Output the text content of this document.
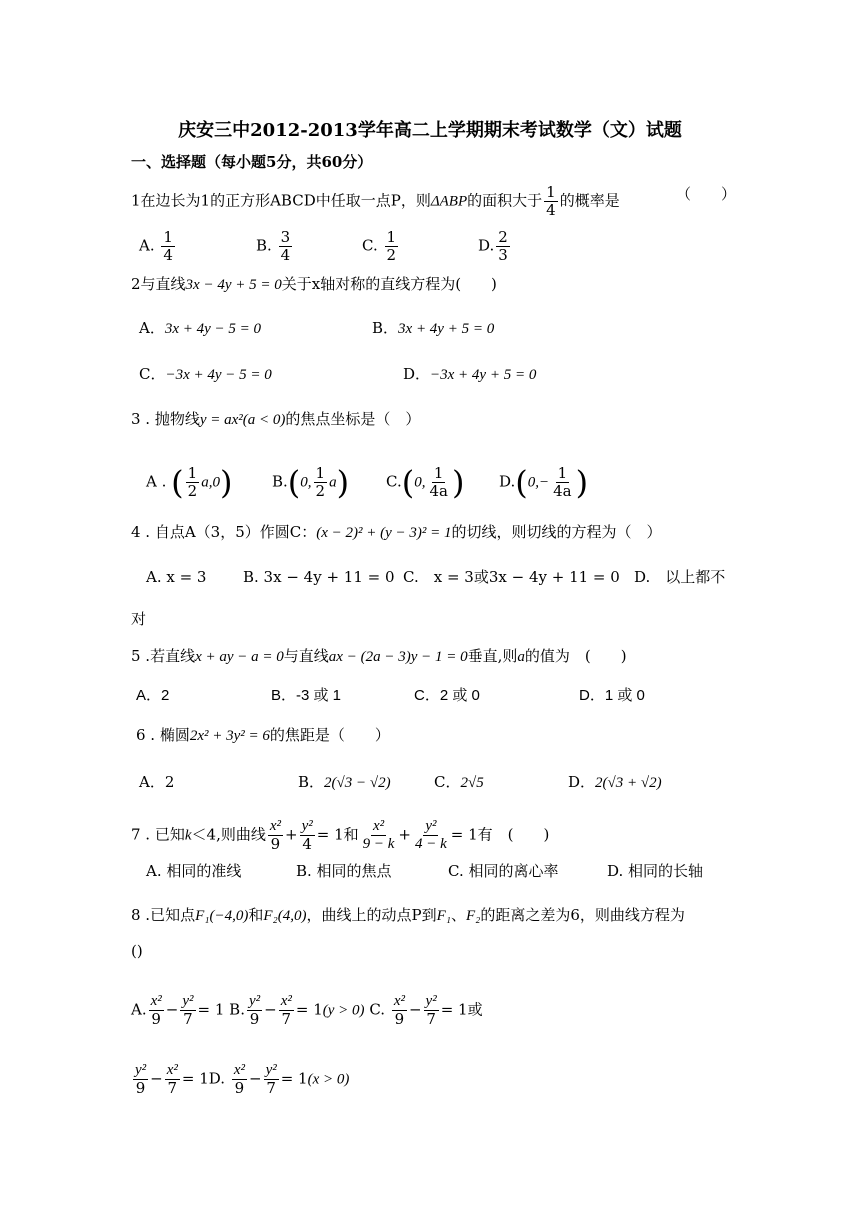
庆安三中2012-2013学年高二上学期期末考试数学（文）试题
一、选择题（每小题5分，共60分）
1在边长为1的正方形ABCD中任取一点P，则ΔABP的面积大于 $\frac{1}{4}$ 的概率是	（　　）
A. $\frac{1}{4}$	B. $\frac{3}{4}$	C. $\frac{1}{2}$	D. $\frac{2}{3}$
2与直线3x − 4y + 5 = 0关于x轴对称的直线方程为(　　)
A．3x + 4y − 5 = 0	B．3x + 4y + 5 = 0
C．−3x + 4y − 5 = 0	D．−3x + 4y + 5 = 0
3 . 抛物线y = ax²(a < 0)的焦点坐标是（　）
A . ( $\frac{1}{2} a,0$)	B.(0, $\frac{1}{2} a$) C.(0, $\frac{1}{4a}$ ) $D.(0,- \frac{1}{4a}$ )
4 . 自点A（3，5）作圆C：(x − 2)² + (y − 3)² = 1的切线，则切线的方程为（　）
A. x = 3 B. 3x − 4y + 11 = 0 C.　x = 3或3x − 4y + 11 = 0 D.　以上都不
对
5 .若直线x + ay − a = 0与直线ax − (2a − 3)y − 1 = 0垂直,则a的值为　(　　)
A．2	B．-3 或 1	C．2 或 0	D．1 或 0
6 . 椭圆2x² + 3y² = 6的焦距是（　　）
A．2	B．2(√3 − √2)	C．2√5	D．2(√3 + √2)
7 . 已知k＜4,则曲线 $\frac{\text{x²}}{9} + \frac{\text{y²}}{4} = 1$和 $\frac{\text{x²}}{9 - k} + \frac{\text{y²}}{4 - k} = 1$有　(　　)
A. 相同的准线	B. 相同的焦点	C. 相同的离心率	D. 相同的长轴
8 .已知点F₁(−4,0)和F₂(4,0)，曲线上的动点P到F₁、F₂的距离之差为6，则曲线方程为
()
A. $\frac{\text{x²}}{9} - \frac{\text{y²}}{7} = 1$ B. $\frac{\text{y²}}{9} - \frac{\text{x²}}{7} = 1(y > 0)$ C. $\frac{\text{x²}}{9} - \frac{\text{y²}}{7} = 1$或
$\frac{\text{y²}}{9} - \frac{\text{x²}}{7} = 1D$. $\frac{\text{x²}}{9} - \frac{\text{y²}}{7} = 1(x > 0)$
